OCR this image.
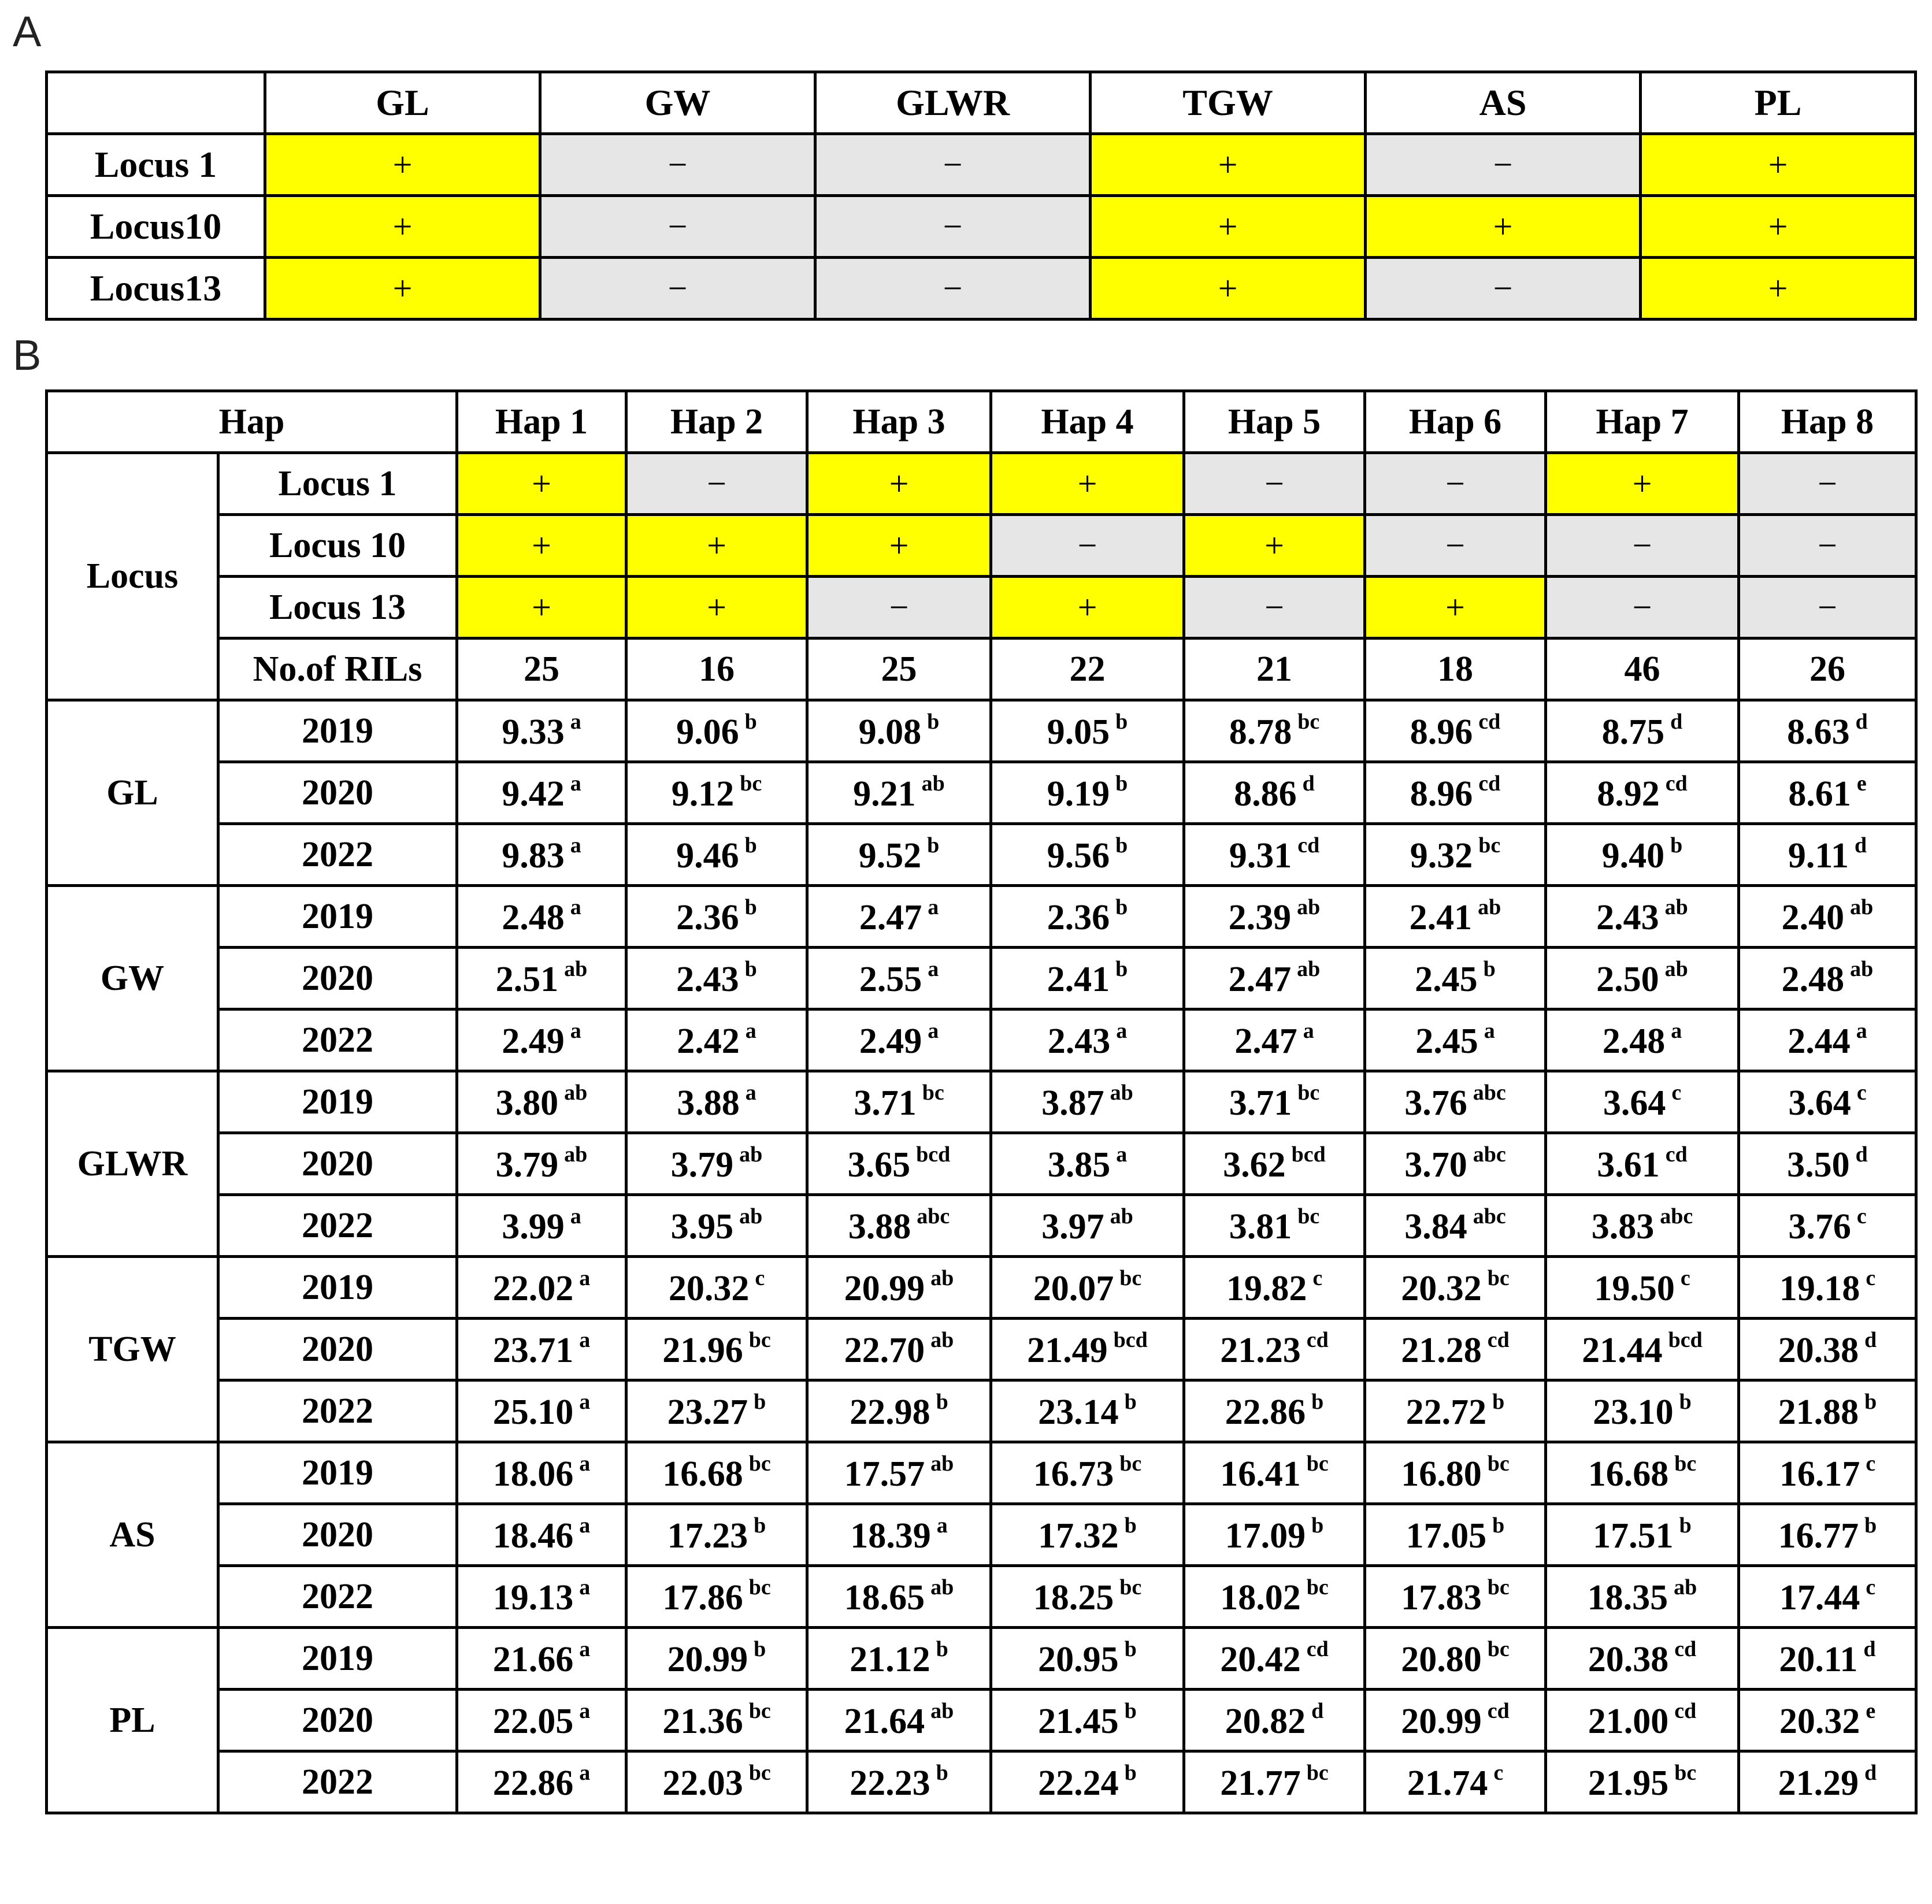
A
B
	GL	GW	GLWR	TGW	AS	PL
Locus 1	+	−	−	+	−	+
Locus10	+	−	−	+	+	+
Locus13	+	−	−	+	−	+
Hap		Hap 1	Hap 2	Hap 3	Hap 4	Hap 5	Hap 6	Hap 7	Hap 8
Locus	Locus 1	+	−	+	+	−	−	+	−
	Locus 10	+	+	+	−	+	−	−	−
	Locus 13	+	+	−	+	−	+	−	−
	No.of RILs	25	16	25	22	21	18	46	26
GL	2019	9.33 $^a$	9.06 $^b$	9.08 $^b$	9.05 $^b$	8.78 $^{bc}$	8.96 $^{cd}$	8.75 $^d$	8.63 $^d$
	2020	9.42 $^a$	9.12 $^{bc}$	9.21 $^{ab}$	9.19 $^b$	8.86 $^d$	8.96 $^{cd}$	8.92 $^{cd}$	8.61 $^e$
	2022	9.83 $^a$	9.46 $^b$	9.52 $^b$	9.56 $^b$	9.31 $^{cd}$	9.32 $^{bc}$	9.40 $^b$	9.11 $^d$
GW	2019	2.48 $^a$	2.36 $^b$	2.47 $^a$	2.36 $^b$	2.39 $^{ab}$	2.41 $^{ab}$	2.43 $^{ab}$	2.40 $^{ab}$
	2020	2.51 $^{ab}$	2.43 $^b$	2.55 $^a$	2.41 $^b$	2.47 $^{ab}$	2.45 $^b$	2.50 $^{ab}$	2.48 $^{ab}$
	2022	2.49 $^a$	2.42 $^a$	2.49 $^a$	2.43 $^a$	2.47 $^a$	2.45 $^a$	2.48 $^a$	2.44 $^a$
GLWR	2019	3.80 $^{ab}$	3.88 $^a$	3.71 $^{bc}$	3.87 $^{ab}$	3.71 $^{bc}$	3.76 $^{abc}$	3.64 $^c$	3.64 $^c$
	2020	3.79 $^{ab}$	3.79 $^{ab}$	3.65 $^{bcd}$	3.85 $^a$	3.62 $^{bcd}$	3.70 $^{abc}$	3.61 $^{cd}$	3.50 $^d$
	2022	3.99 $^a$	3.95 $^{ab}$	3.88 $^{abc}$	3.97 $^{ab}$	3.81 $^{bc}$	3.84 $^{abc}$	3.83 $^{abc}$	3.76 $^c$
TGW	2019	22.02 $^a$	20.32 $^c$	20.99 $^{ab}$	20.07 $^{bc}$	19.82 $^c$	20.32 $^{bc}$	19.50 $^c$	19.18 $^c$
	2020	23.71 $^a$	21.96 $^{bc}$	22.70 $^{ab}$	21.49 $^{bcd}$	21.23 $^{cd}$	21.28 $^{cd}$	21.44 $^{bcd}$	20.38 $^d$
	2022	25.10 $^a$	23.27 $^b$	22.98 $^b$	23.14 $^b$	22.86 $^b$	22.72 $^b$	23.10 $^b$	21.88 $^b$
AS	2019	18.06 $^a$	16.68 $^{bc}$	17.57 $^{ab}$	16.73 $^{bc}$	16.41 $^{bc}$	16.80 $^{bc}$	16.68 $^{bc}$	16.17 $^c$
	2020	18.46 $^a$	17.23 $^b$	18.39 $^a$	17.32 $^b$	17.09 $^b$	17.05 $^b$	17.51 $^b$	16.77 $^b$
	2022	19.13 $^a$	17.86 $^{bc}$	18.65 $^{ab}$	18.25 $^{bc}$	18.02 $^{bc}$	17.83 $^{bc}$	18.35 $^{ab}$	17.44 $^c$
PL	2019	21.66 $^a$	20.99 $^b$	21.12 $^b$	20.95 $^b$	20.42 $^{cd}$	20.80 $^{bc}$	20.38 $^{cd}$	20.11 $^d$
	2020	22.05 $^a$	21.36 $^{bc}$	21.64 $^{ab}$	21.45 $^b$	20.82 $^d$	20.99 $^{cd}$	21.00 $^{cd}$	20.32 $^e$
	2022	22.86 $^a$	22.03 $^{bc}$	22.23 $^b$	22.24 $^b$	21.77 $^{bc}$	21.74 $^c$	21.95 $^{bc}$	21.29 $^d$
